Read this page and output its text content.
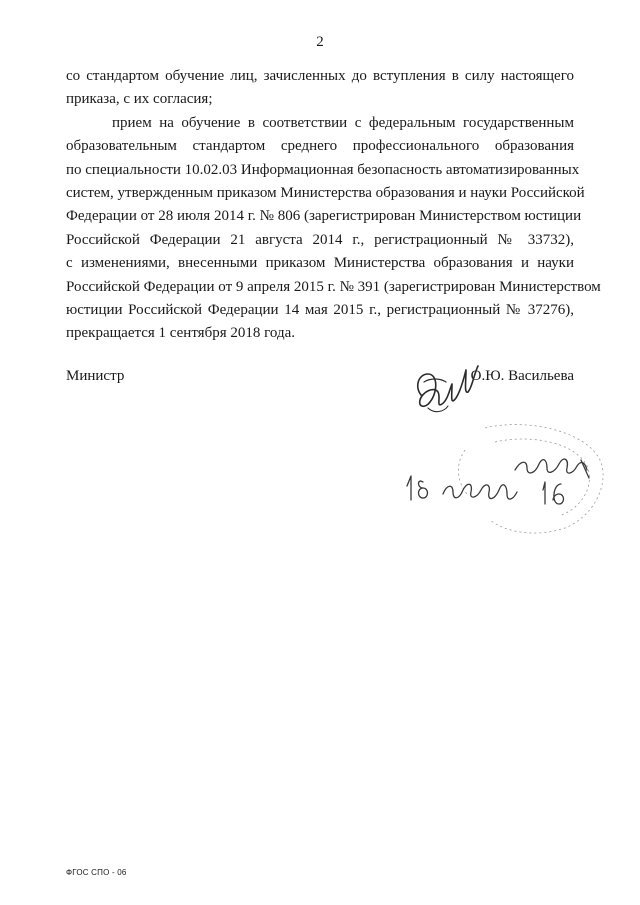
2
со стандартом обучение лиц, зачисленных до вступления в силу настоящего
приказа, с их согласия;
прием на обучение в соответствии с федеральным государственным
образовательным стандартом среднего профессионального образования
по специальности 10.02.03 Информационная безопасность автоматизированных
систем, утвержденным приказом Министерства образования и науки Российской
Федерации от 28 июля 2014 г. № 806 (зарегистрирован Министерством юстиции
Российской Федерации 21 августа 2014 г., регистрационный № 33732),
с изменениями, внесенными приказом Министерства образования и науки
Российской Федерации от 9 апреля 2015 г. № 391 (зарегистрирован Министерством
юстиции Российской Федерации 14 мая 2015 г., регистрационный № 37276),
прекращается 1 сентября 2018 года.
Министр	О.Ю. Васильева
ФГОС СПО - 06
